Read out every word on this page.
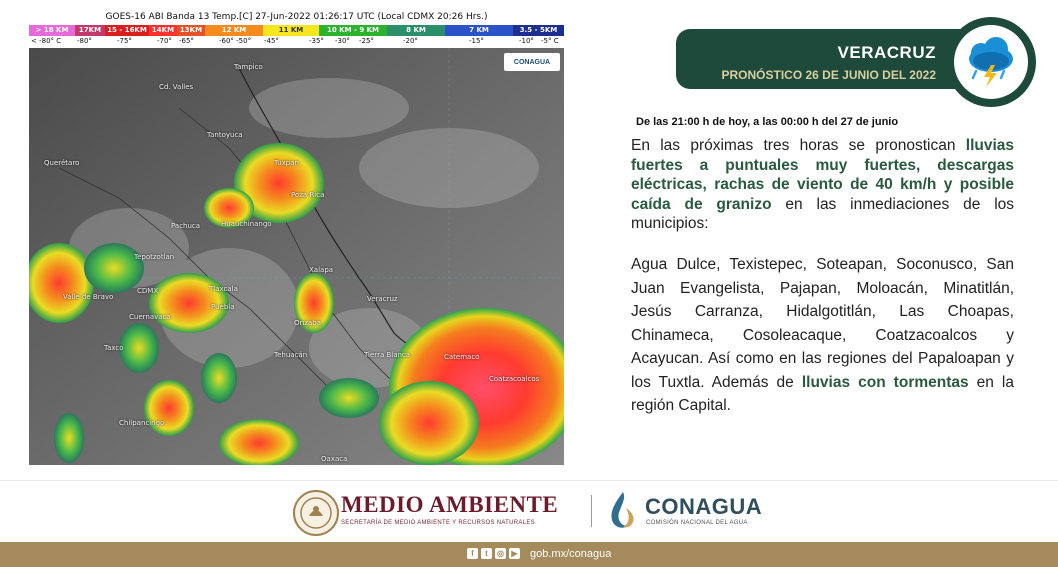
GOES-16 ABI Banda 13 Temp.[C] 27-Jun-2022 01:26:17 UTC (Local CDMX 20:26 Hrs.)
> 18 KM	17KM 15 - 16KM 14KM 13KM	12 KM	11 KM	10 KM - 9 KM	8 KM	7 KM	3.5 - 5KM
< -80° C -80°	-75°	-70° -65°	-60° -50° -45°	-35° -30° -25°	-20°	-15°	-10° -5° C
CONAGUA
Tampico
Cd. Valles
Tantoyuca
Tuxpan
Poza Rica
Querétaro
Huauchinango
Pachuca
Xalapa
Tepotzotlan
Valle de Bravo
CDMX	Tlaxcala
Puebla
Veracruz
Cuernavaca
Orizaba
Tehuacán	Tierra Blanca	Catemaco
Coatzacoalcos
Taxco
Chilpancingo
Oaxaca
VERACRUZ
PRONÓSTICO 26 DE JUNIO DEL 2022
De las 21:00 h de hoy, a las 00:00 h del 27 de junio
En las próximas tres horas se pronostican lluvias fuertes a puntuales muy fuertes, descargas eléctricas, rachas de viento de 40 km/h y posible caída de granizo en las inmediaciones de los municipios:
Agua Dulce, Texistepec, Soteapan, Soconusco, San Juan Evangelista, Pajapan, Moloacán, Minatitlán, Jesús Carranza, Hidalgotitlán, Las Choapas, Chinameca, Cosoleacaque, Coatzacoalcos y Acayucan. Así como en las regiones del Papaloapan y los Tuxtla. Además de lluvias con tormentas en la región Capital.
MEDIO AMBIENTE
SECRETARÍA DE MEDIO AMBIENTE Y RECURSOS NATURALES
CONAGUA
COMISIÓN NACIONAL DEL AGUA
f	t	◎ ▶ gob.mx/conagua
